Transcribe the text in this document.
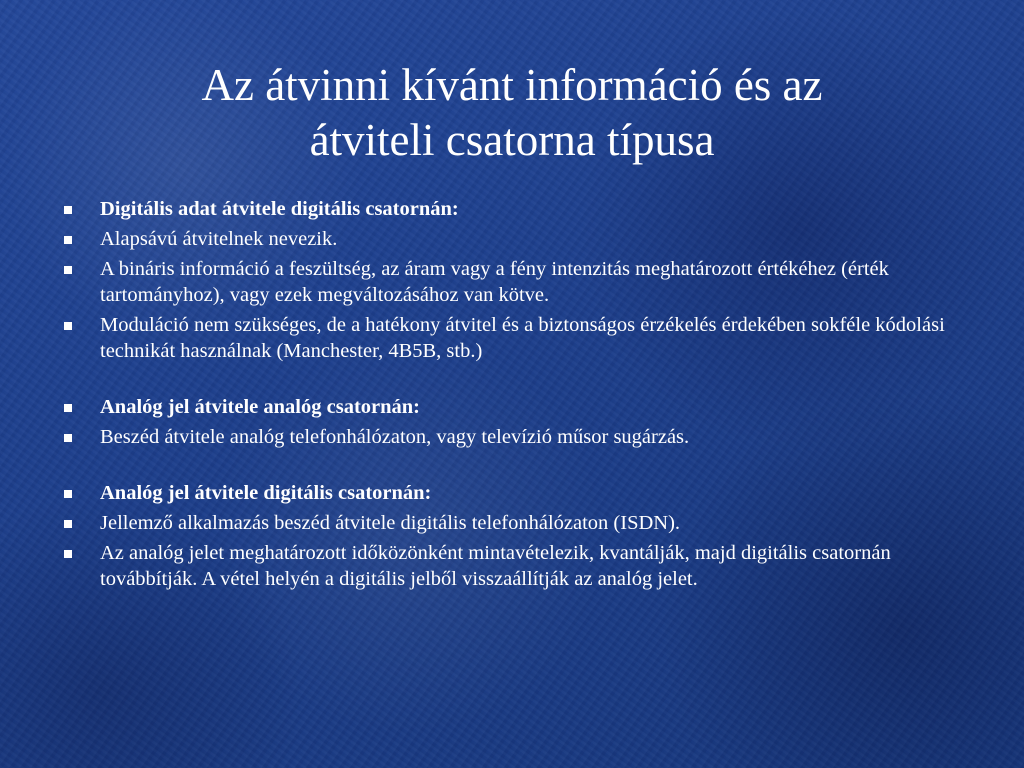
Az átvinni kívánt információ és az
átviteli csatorna típusa
Digitális adat átvitele digitális csatornán:
Alapsávú átvitelnek nevezik.
A bináris információ a feszültség, az áram vagy a fény intenzitás meghatározott értékéhez (érték tartományhoz), vagy ezek megváltozásához van kötve.
Moduláció nem szükséges, de a hatékony átvitel és a biztonságos érzékelés érdekében sokféle kódolási technikát használnak (Manchester, 4B5B, stb.)
Analóg jel átvitele analóg csatornán:
Beszéd átvitele analóg telefonhálózaton, vagy televízió műsor sugárzás.
Analóg jel átvitele digitális csatornán:
Jellemző alkalmazás beszéd átvitele digitális telefonhálózaton (ISDN).
Az analóg jelet meghatározott időközönként mintavételezik, kvantálják, majd digitális csatornán továbbítják. A vétel helyén a digitális jelből visszaállítják az analóg jelet.
